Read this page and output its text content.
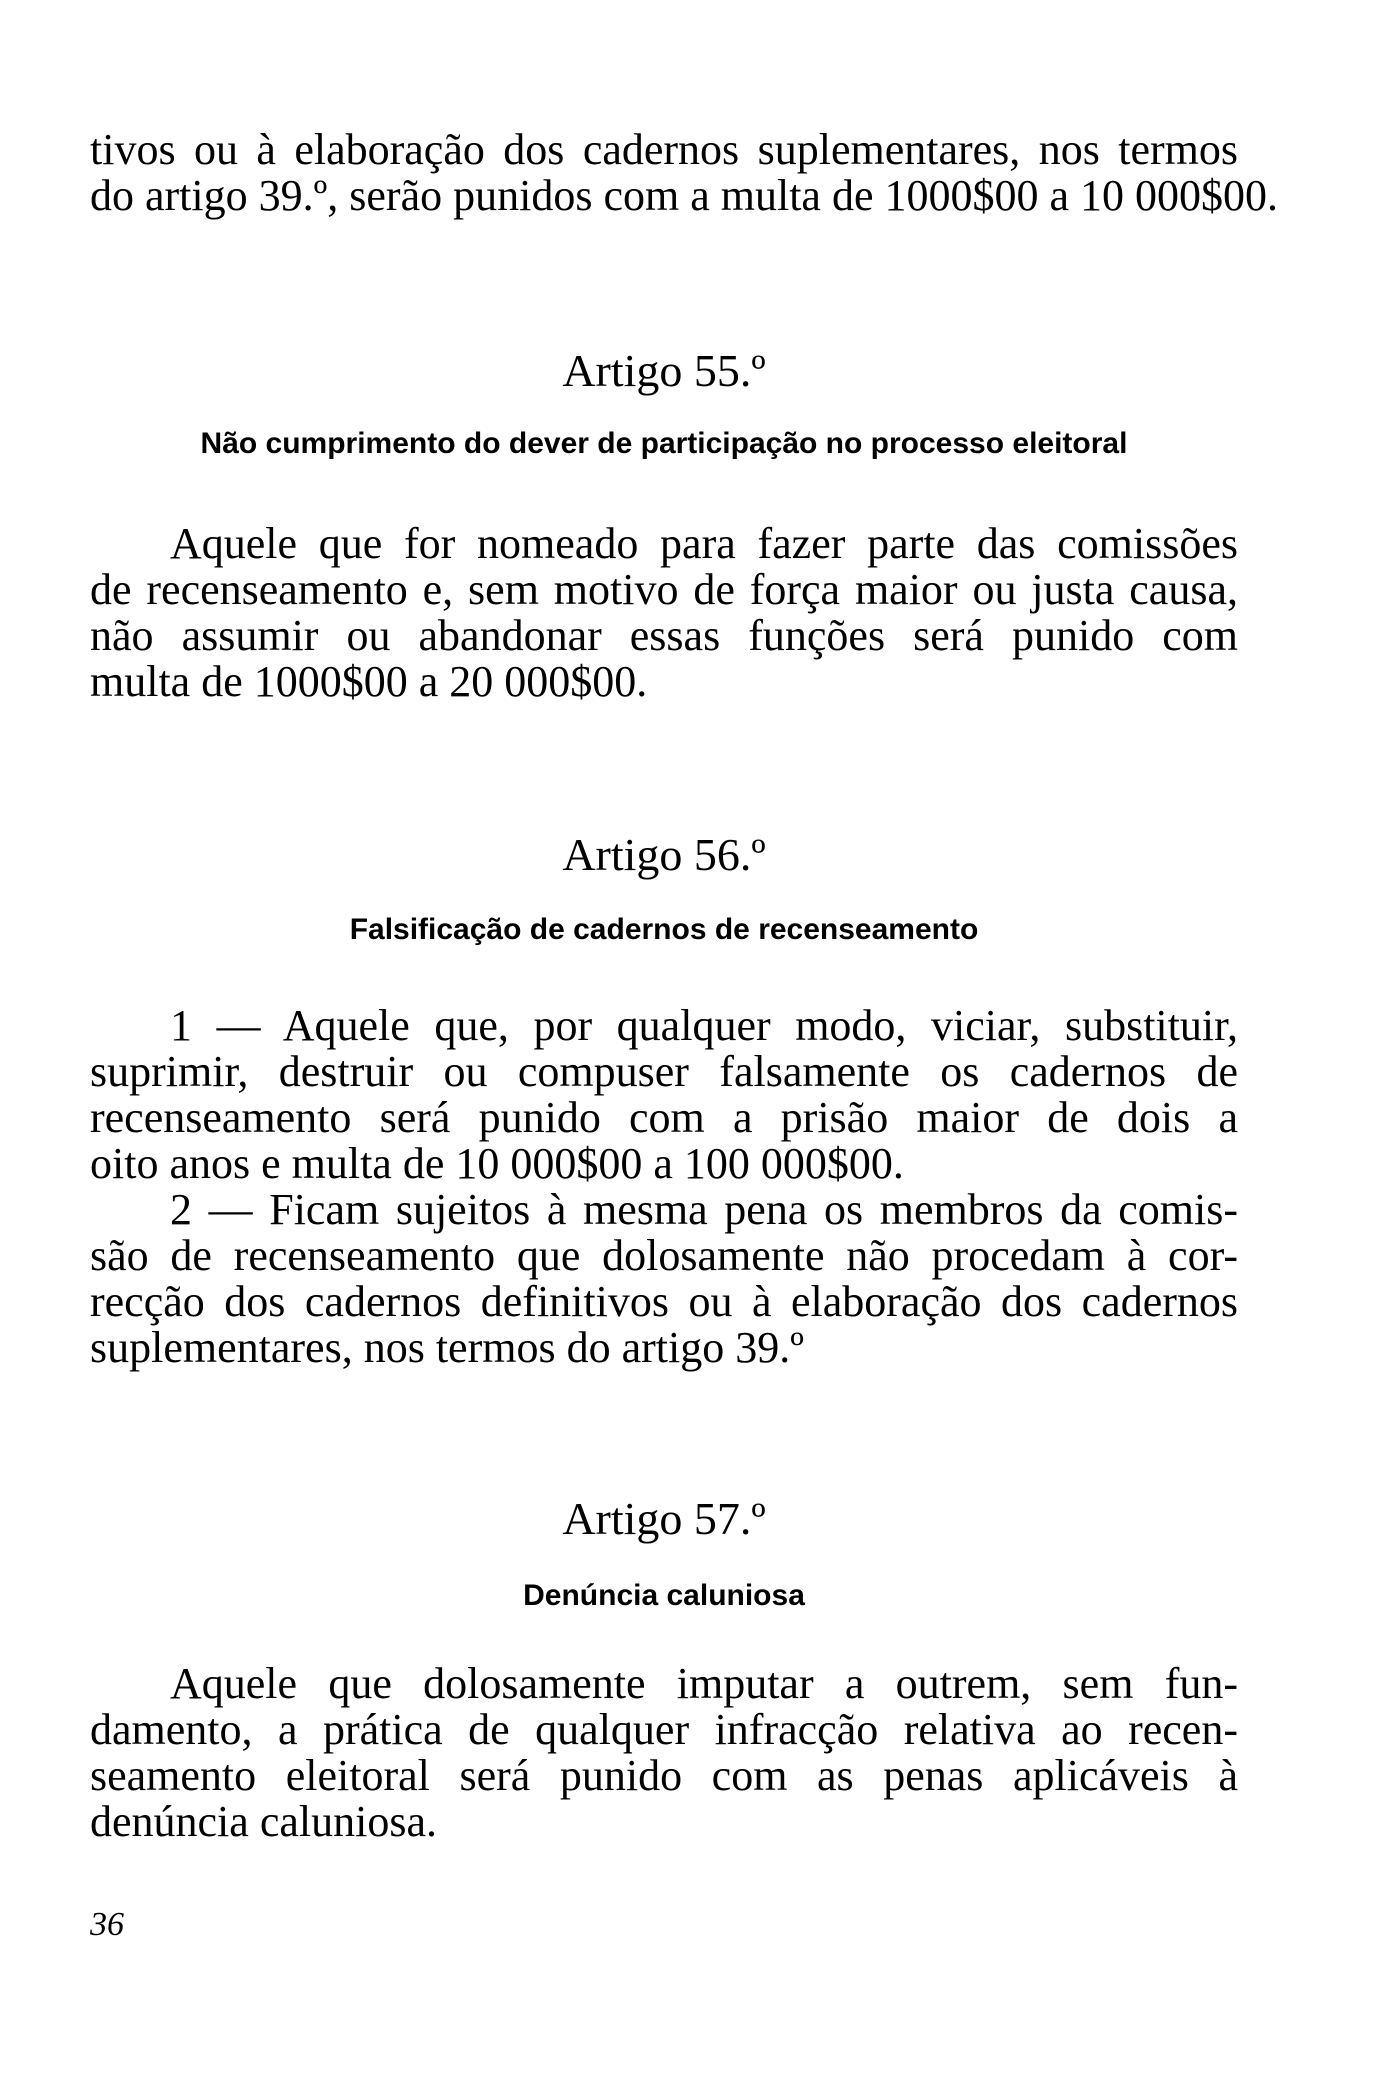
tivos ou à elaboração dos cadernos suplementares, nos termos
do artigo 39.º, serão punidos com a multa de 1000$00 a 10 000$00.
Artigo 55.º
Não cumprimento do dever de participação no processo eleitoral
Aquele que for nomeado para fazer parte das comissões
de recenseamento e, sem motivo de força maior ou justa causa,
não assumir ou abandonar essas funções será punido com
multa de 1000$00 a 20 000$00.
Artigo 56.º
Falsificação de cadernos de recenseamento
1 — Aquele que, por qualquer modo, viciar, substituir,
suprimir, destruir ou compuser falsamente os cadernos de
recenseamento será punido com a prisão maior de dois a
oito anos e multa de 10 000$00 a 100 000$00.
2 — Ficam sujeitos à mesma pena os membros da comis-
são de recenseamento que dolosamente não procedam à cor-
recção dos cadernos definitivos ou à elaboração dos cadernos
suplementares, nos termos do artigo 39.º
Artigo 57.º
Denúncia caluniosa
Aquele que dolosamente imputar a outrem, sem fun-
damento, a prática de qualquer infracção relativa ao recen-
seamento eleitoral será punido com as penas aplicáveis à
denúncia caluniosa.
36
